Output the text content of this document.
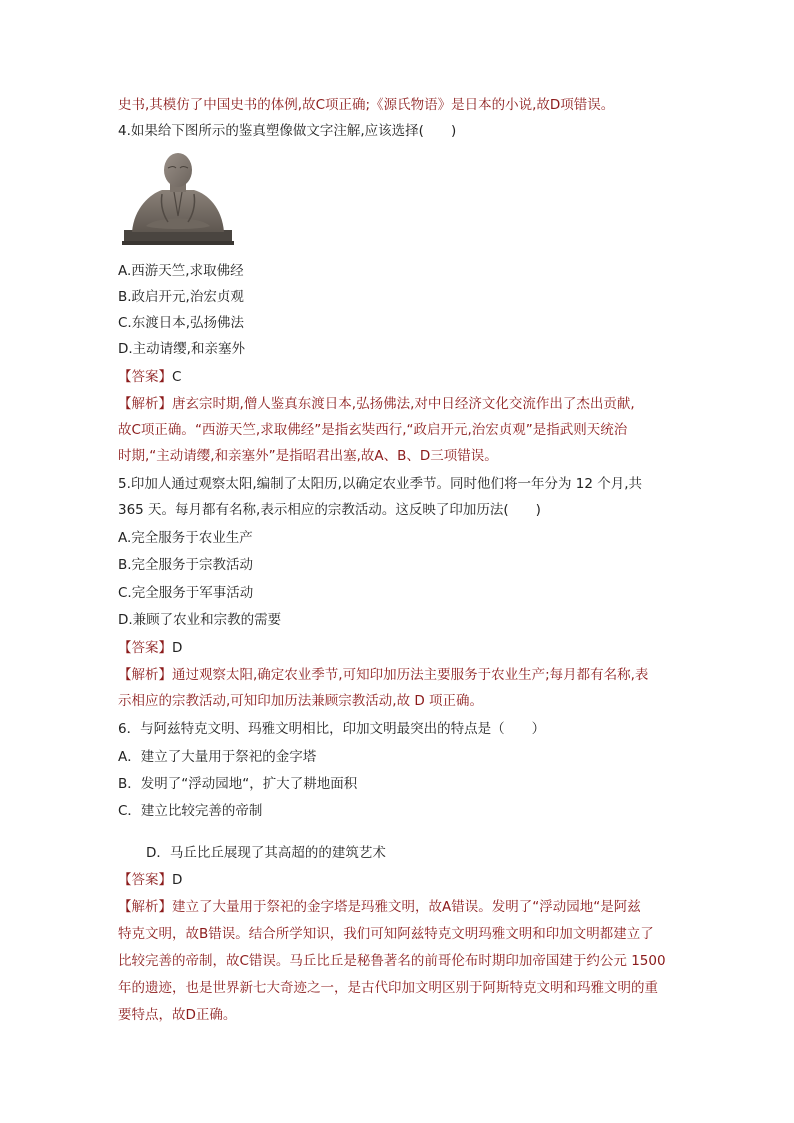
史书,其模仿了中国史书的体例,故C项正确;《源氏物语》是日本的小说,故D项错误。
4.如果给下图所示的鉴真塑像做文字注解,应该选择(　　)
A.西游天竺,求取佛经
B.政启开元,治宏贞观
C.东渡日本,弘扬佛法
D.主动请缨,和亲塞外
【答案】C
【解析】唐玄宗时期,僧人鉴真东渡日本,弘扬佛法,对中日经济文化交流作出了杰出贡献,
故C项正确。“西游天竺,求取佛经”是指玄奘西行,“政启开元,治宏贞观”是指武则天统治
时期,“主动请缨,和亲塞外”是指昭君出塞,故A、B、D三项错误。
5.印加人通过观察太阳,编制了太阳历,以确定农业季节。同时他们将一年分为 12 个月,共
365 天。每月都有名称,表示相应的宗教活动。这反映了印加历法(　　)
A.完全服务于农业生产
B.完全服务于宗教活动
C.完全服务于军事活动
D.兼顾了农业和宗教的需要
【答案】D
【解析】通过观察太阳,确定农业季节,可知印加历法主要服务于农业生产;每月都有名称,表
示相应的宗教活动,可知印加历法兼顾宗教活动,故 D 项正确。
6．与阿兹特克文明、玛雅文明相比，印加文明最突出的特点是（　　）
A．建立了大量用于祭祀的金字塔
B．发明了“浮动园地“，扩大了耕地面积
C．建立比较完善的帝制
D．马丘比丘展现了其高超的的建筑艺术
【答案】D
【解析】建立了大量用于祭祀的金字塔是玛雅文明，故A错误。发明了“浮动园地“是阿兹
特克文明，故B错误。结合所学知识，我们可知阿兹特克文明玛雅文明和印加文明都建立了
比较完善的帝制，故C错误。马丘比丘是秘鲁著名的前哥伦布时期印加帝国建于约公元 1500
年的遗迹，也是世界新七大奇迹之一，是古代印加文明区别于阿斯特克文明和玛雅文明的重
要特点，故D正确。
